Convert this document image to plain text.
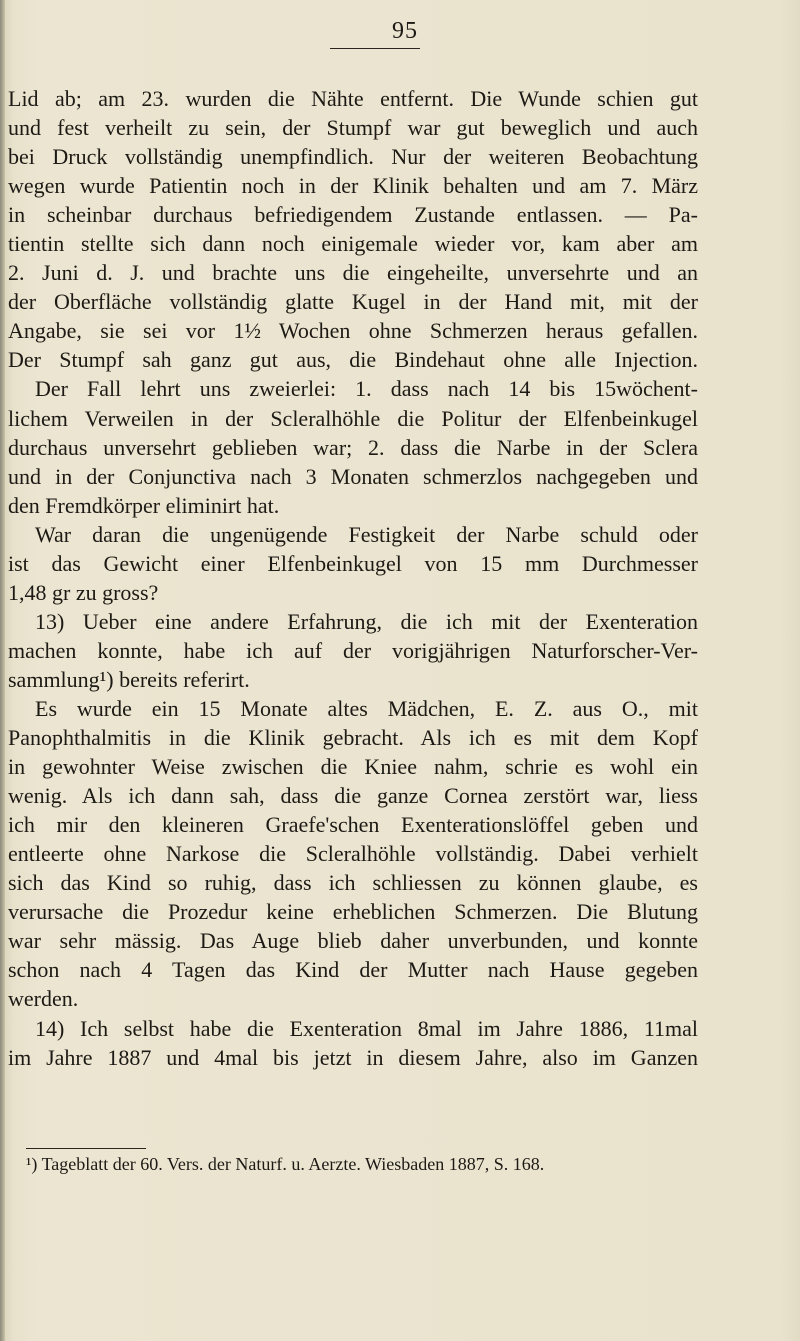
95
Lid ab; am 23. wurden die Nähte entfernt. Die Wunde schien gut
und fest verheilt zu sein, der Stumpf war gut beweglich und auch
bei Druck vollständig unempfindlich. Nur der weiteren Beobachtung
wegen wurde Patientin noch in der Klinik behalten und am 7. März
in scheinbar durchaus befriedigendem Zustande entlassen. — Pa-
tientin stellte sich dann noch einigemale wieder vor, kam aber am
2. Juni d. J. und brachte uns die eingeheilte, unversehrte und an
der Oberfläche vollständig glatte Kugel in der Hand mit, mit der
Angabe, sie sei vor 1½ Wochen ohne Schmerzen heraus gefallen.
Der Stumpf sah ganz gut aus, die Bindehaut ohne alle Injection.
Der Fall lehrt uns zweierlei: 1. dass nach 14 bis 15wöchent-
lichem Verweilen in der Scleralhöhle die Politur der Elfenbeinkugel
durchaus unversehrt geblieben war; 2. dass die Narbe in der Sclera
und in der Conjunctiva nach 3 Monaten schmerzlos nachgegeben und
den Fremdkörper eliminirt hat.
War daran die ungenügende Festigkeit der Narbe schuld oder
ist das Gewicht einer Elfenbeinkugel von 15 mm Durchmesser
1,48 gr zu gross?
13) Ueber eine andere Erfahrung, die ich mit der Exenteration
machen konnte, habe ich auf der vorigjährigen Naturforscher-Ver-
sammlung¹) bereits referirt.
Es wurde ein 15 Monate altes Mädchen, E. Z. aus O., mit
Panophthalmitis in die Klinik gebracht. Als ich es mit dem Kopf
in gewohnter Weise zwischen die Kniee nahm, schrie es wohl ein
wenig. Als ich dann sah, dass die ganze Cornea zerstört war, liess
ich mir den kleineren Graefe'schen Exenterationslöffel geben und
entleerte ohne Narkose die Scleralhöhle vollständig. Dabei verhielt
sich das Kind so ruhig, dass ich schliessen zu können glaube, es
verursache die Prozedur keine erheblichen Schmerzen. Die Blutung
war sehr mässig. Das Auge blieb daher unverbunden, und konnte
schon nach 4 Tagen das Kind der Mutter nach Hause gegeben
werden.
14) Ich selbst habe die Exenteration 8mal im Jahre 1886, 11mal
im Jahre 1887 und 4mal bis jetzt in diesem Jahre, also im Ganzen
¹) Tageblatt der 60. Vers. der Naturf. u. Aerzte. Wiesbaden 1887, S. 168.
